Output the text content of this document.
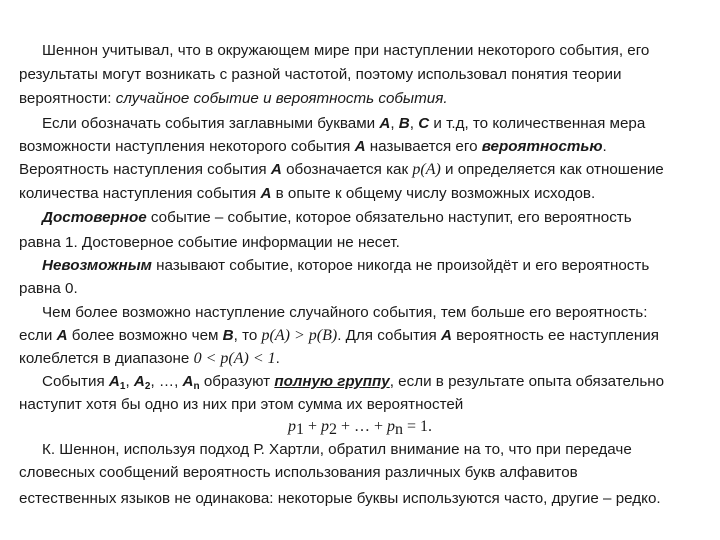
Шеннон учитывал, что в окружающем мире при наступлении некоторого события, его
результаты могут возникать с разной частотой, поэтому использовал понятия теории
вероятности: случайное событие и вероятность события.
Если обозначать события заглавными буквами A, B, C и т.д, то количественная мера
возможности наступления некоторого события A называется его вероятностью.
Вероятность наступления события A обозначается как p(A) и определяется как отношение
количества наступления события A в опыте к общему числу возможных исходов.
Достоверное событие – событие, которое обязательно наступит, его вероятность
равна 1. Достоверное событие информации не несет.
Невозможным называют событие, которое никогда не произойдёт и его вероятность
равна 0.
Чем более возможно наступление случайного события, тем больше его вероятность:
если A более возможно чем B, то p(A) > p(B). Для события A вероятность ее наступления
колеблется в диапазоне 0 < p(A) < 1.
События $A_1$, $A_2$, …, $A_n$ образуют полную группу, если в результате опыта обязательно
наступит хотя бы одно из них при этом сумма их вероятностей
$p_1 + p_2$ + … + $p_n = 1$.
К. Шеннон, используя подход Р. Хартли, обратил внимание на то, что при передаче
словесных сообщений вероятность использования различных букв алфавитов
естественных языков не одинакова: некоторые буквы используются часто, другие – редко.
